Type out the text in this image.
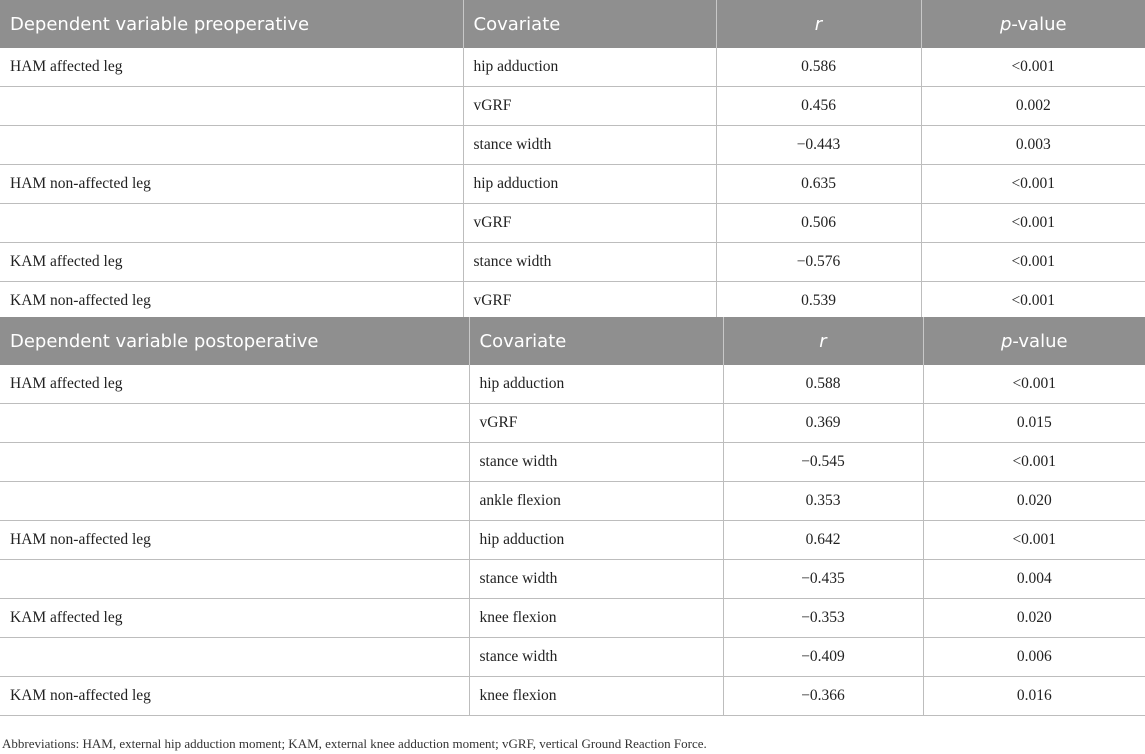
Dependent variable preoperative	Covariate	r	p-value
HAM affected leg	hip adduction	0.586	<0.001
	vGRF	0.456	0.002
	stance width	−0.443	0.003
HAM non-affected leg	hip adduction	0.635	<0.001
	vGRF	0.506	<0.001
KAM affected leg	stance width	−0.576	<0.001
KAM non-affected leg	vGRF	0.539	<0.001
Dependent variable postoperative	Covariate	r	p-value
HAM affected leg	hip adduction	0.588	<0.001
	vGRF	0.369	0.015
	stance width	−0.545	<0.001
	ankle flexion	0.353	0.020
HAM non-affected leg	hip adduction	0.642	<0.001
	stance width	−0.435	0.004
KAM affected leg	knee flexion	−0.353	0.020
	stance width	−0.409	0.006
KAM non-affected leg	knee flexion	−0.366	0.016
Abbreviations: HAM, external hip adduction moment; KAM, external knee adduction moment; vGRF, vertical Ground Reaction Force.
